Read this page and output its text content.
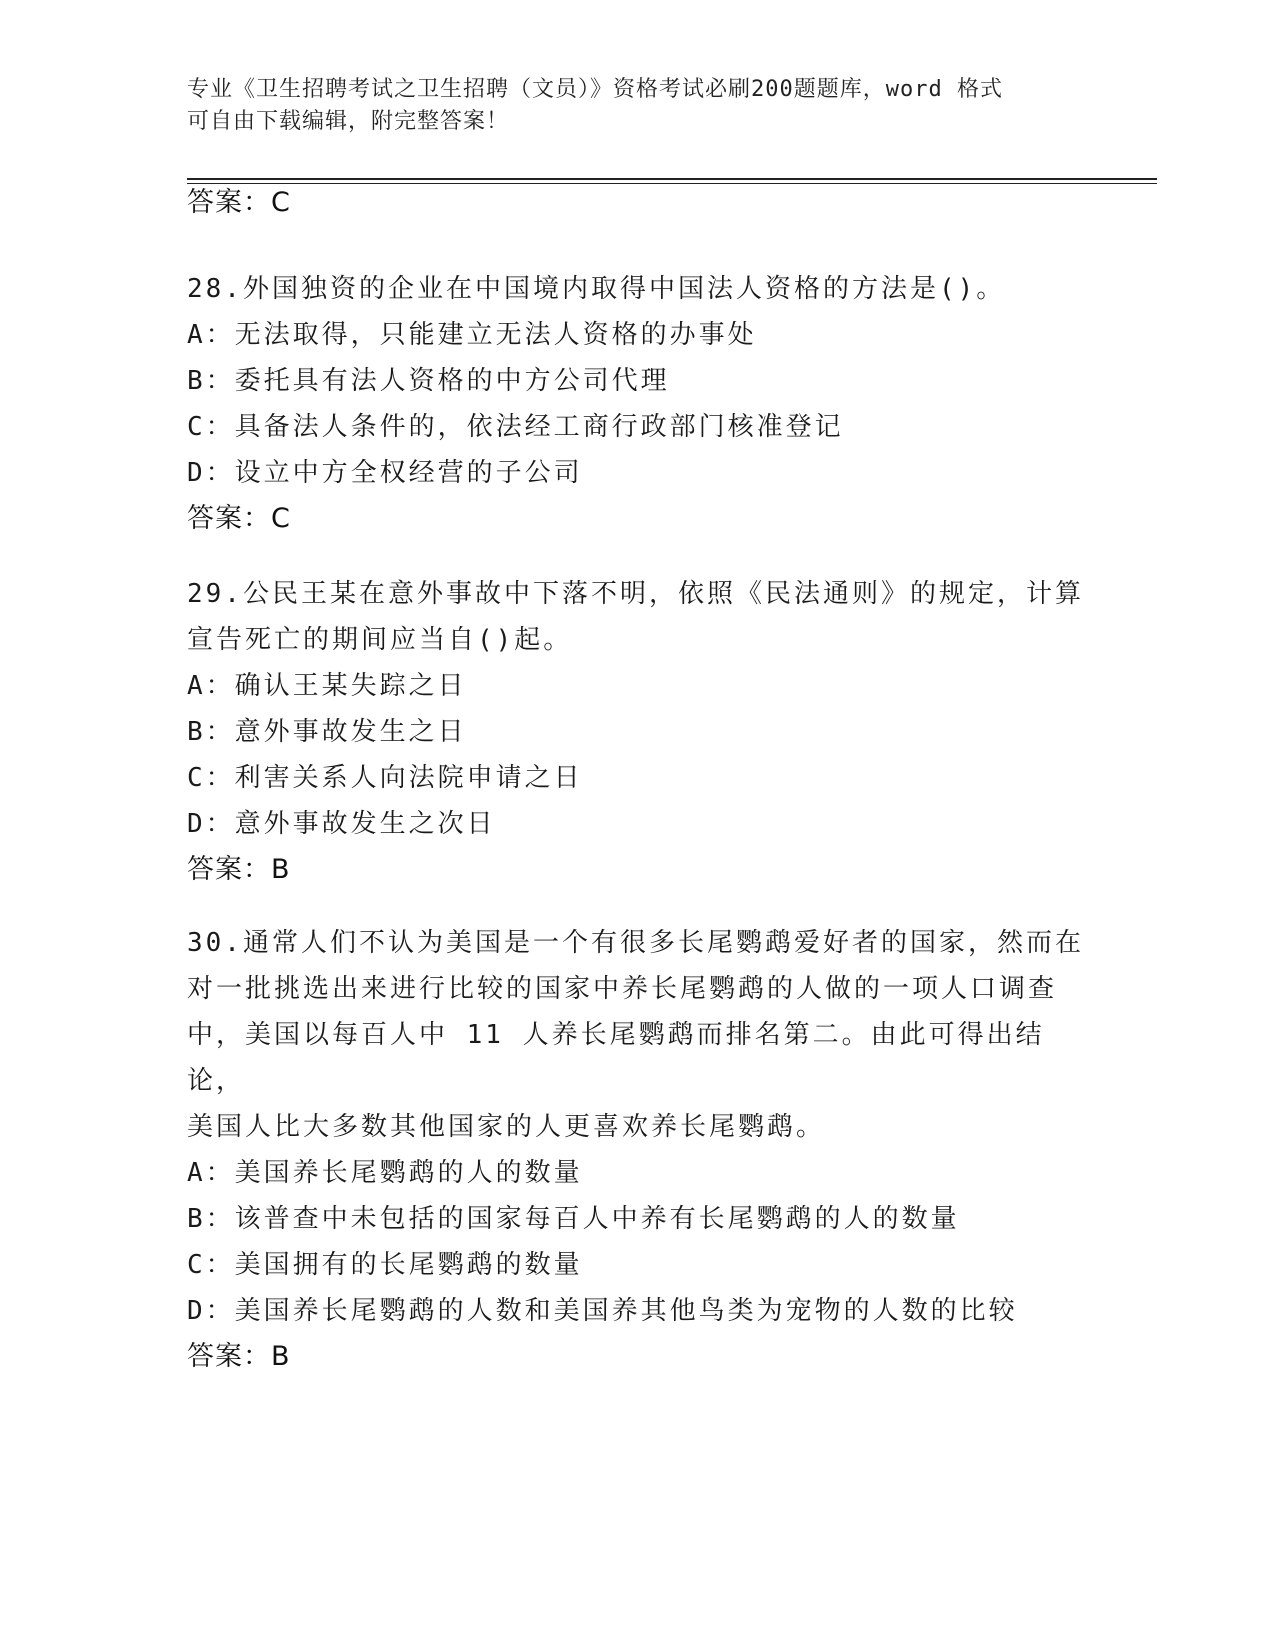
专业《卫生招聘考试之卫生招聘（文员）》资格考试必刷200题题库，word 格式
可自由下载编辑，附完整答案！
答案：C

28.外国独资的企业在中国境内取得中国法人资格的方法是()。

A：无法取得，只能建立无法人资格的办事处

B：委托具有法人资格的中方公司代理

C：具备法人条件的，依法经工商行政部门核准登记

D：设立中方全权经营的子公司

答案：C

29.公民王某在意外事故中下落不明，依照《民法通则》的规定，计算

宣告死亡的期间应当自()起。

A：确认王某失踪之日

B：意外事故发生之日

C：利害关系人向法院申请之日

D：意外事故发生之次日

答案：B

30.通常人们不认为美国是一个有很多长尾鹦鹉爱好者的国家，然而在

对一批挑选出来进行比较的国家中养长尾鹦鹉的人做的一项人口调查

中，美国以每百人中 11 人养长尾鹦鹉而排名第二。由此可得出结论，

美国人比大多数其他国家的人更喜欢养长尾鹦鹉。

A：美国养长尾鹦鹉的人的数量

B：该普查中未包括的国家每百人中养有长尾鹦鹉的人的数量

C：美国拥有的长尾鹦鹉的数量

D：美国养长尾鹦鹉的人数和美国养其他鸟类为宠物的人数的比较

答案：B
